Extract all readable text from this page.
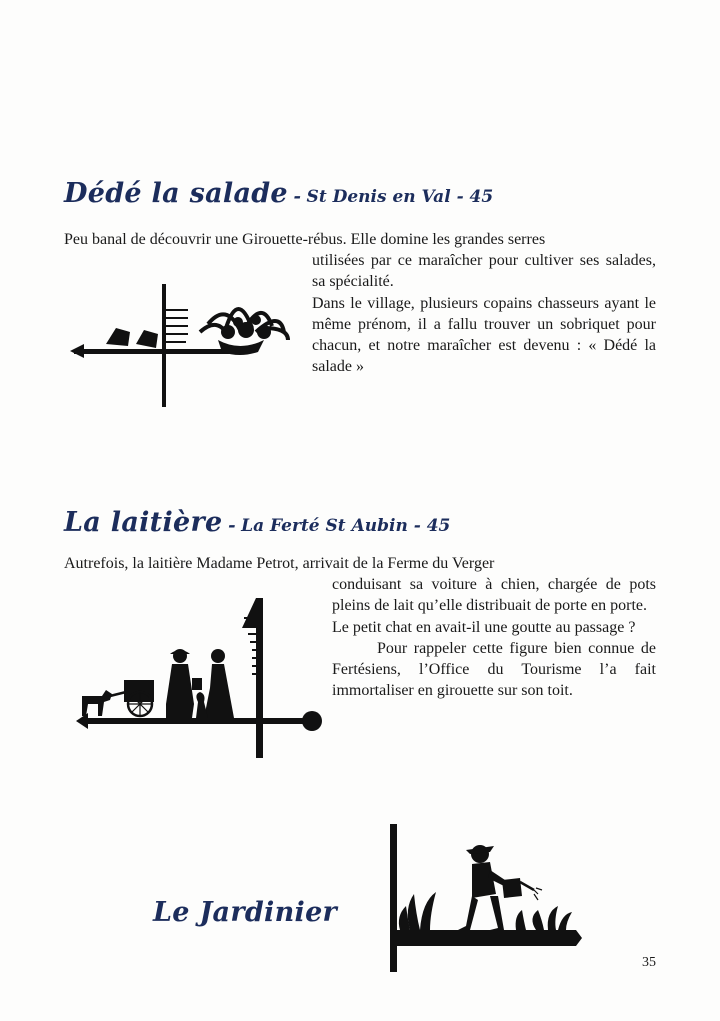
Dédé la salade - St Denis en Val - 45

Peu banal de découvrir une Girouette-rébus. Elle domine les grandes serres

utilisées par ce maraîcher pour cultiver ses salades, sa spécialité.

Dans le village, plusieurs copains chasseurs ayant le même prénom, il a fallu trouver un sobriquet pour chacun, et notre maraîcher est devenu : « Dédé la salade »

La laitière - La Ferté St Aubin - 45

Autrefois, la laitière Madame Petrot, arrivait de la Ferme du Verger

conduisant sa voiture à chien, chargée de pots pleins de lait qu’elle distribuait de porte en porte.

Le petit chat en avait-il une goutte au passage ?

Pour rappeler cette figure bien connue de Fertésiens, l’Office du Tourisme l’a fait immortaliser en girouette sur son toit.

Le Jardinier
35
